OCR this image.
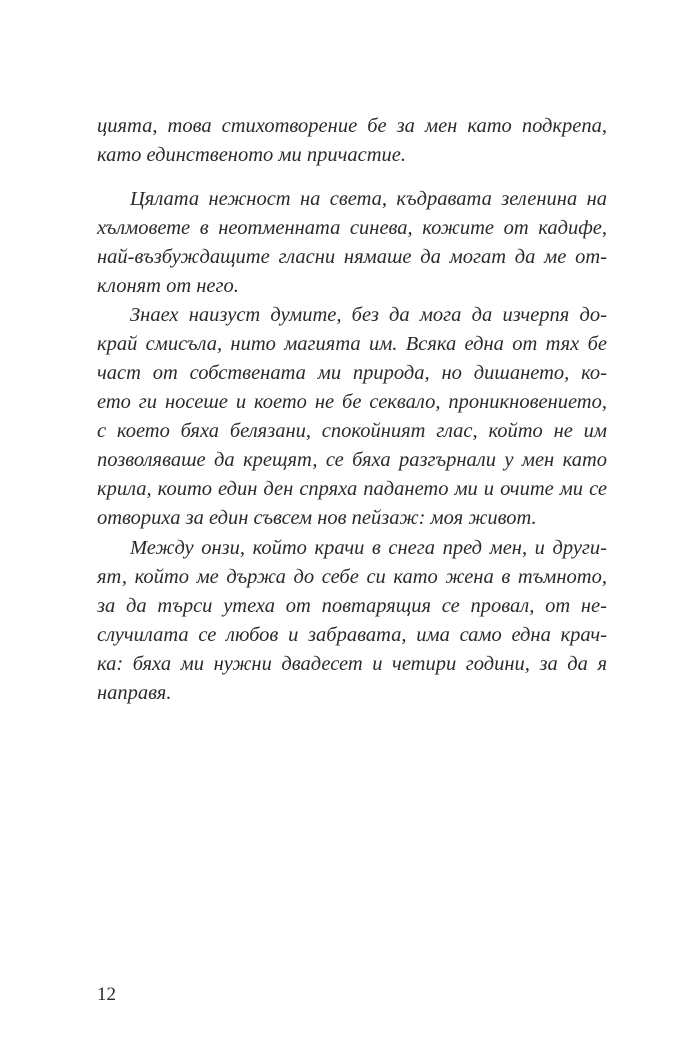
цията, това стихотворение бе за мен като подкрепа,
като единственото ми причастие.
Цялата нежност на света, къдравата зеленина на
хълмовете в неотменната синева, кожите от кадифе,
най-възбуждащите гласни нямаше да могат да ме от-
клонят от него.
Знаех наизуст думите, без да мога да изчерпя до-
край смисъла, нито магията им. Всяка една от тях бе
част от собствената ми природа, но дишането, ко-
ето ги носеше и което не бе секвало, проникновението,
с което бяха белязани, спокойният глас, който не им
позволяваше да крещят, се бяха разгърнали у мен като
крила, които един ден спряха падането ми и очите ми се
отвориха за един съвсем нов пейзаж: моя живот.
Между онзи, който крачи в снега пред мен, и други-
ят, който ме държа до себе си като жена в тъмното,
за да търси утеха от повтарящия се провал, от не-
случилата се любов и забравата, има само една крач-
ка: бяха ми нужни двадесет и четири години, за да я
направя.
12
